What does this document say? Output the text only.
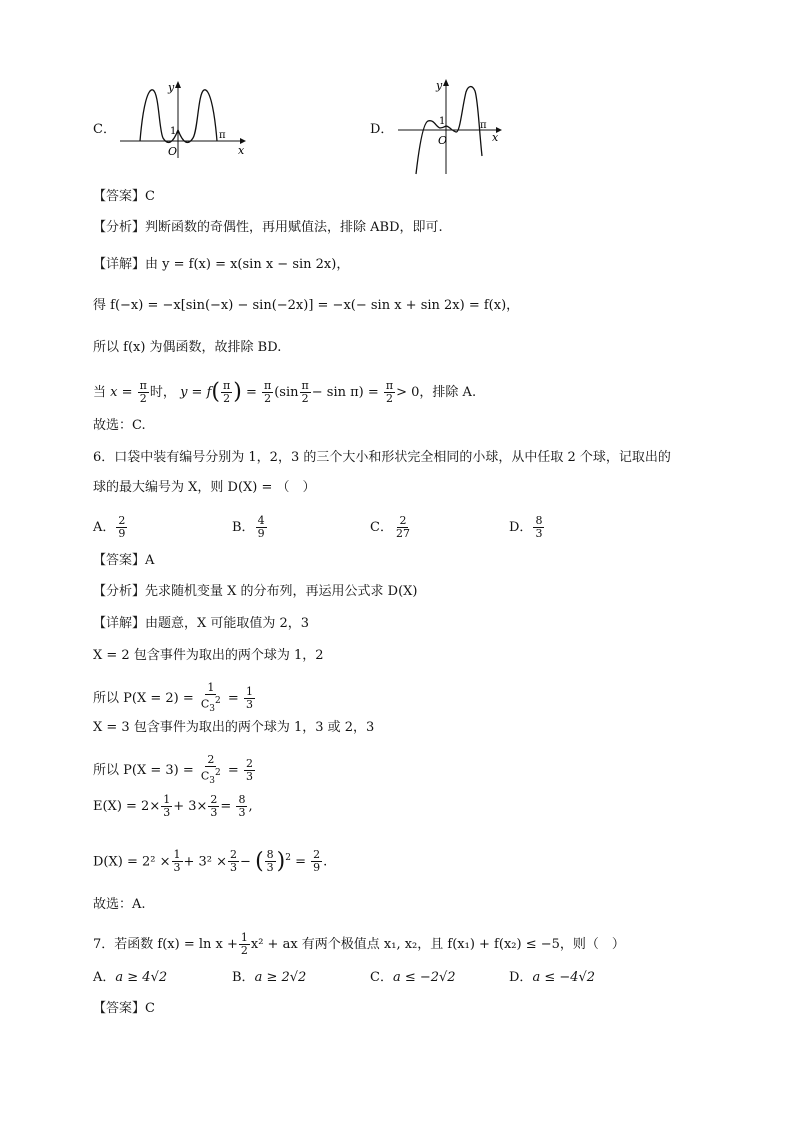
C．
y
x
O
1	π	D．
y
x
O
1	π
【答案】C
【分析】判断函数的奇偶性，再用赋值法，排除 ABD，即可.
【详解】由 y = f(x) = x(sin x − sin 2x)，
得 f(−x) = −x[sin(−x) − sin(−2x)] = −x(− sin x + sin 2x) = f(x)，
所以 f(x) 为偶函数，故排除 BD.
当 $x = \frac{\pi}{2}$ 时， $y = f( \frac{\pi}{2}$ ) = $\frac{\pi}{2} (\sin \frac{\pi}{2} - \sin \pi) = \frac{\pi}{2} > 0$，排除 A.
故选：C.
6．口袋中装有编号分别为 1，2，3 的三个大小和形状完全相同的小球，从中任取 2 个球，记取出的
球的最大编号为 X，则 D(X) = （　）
A． $\frac{2}{9}$	B． $\frac{4}{9}$	C． $\frac{2}{27}$	D． $\frac{8}{3}$
【答案】A
【分析】先求随机变量 X 的分布列，再运用公式求 D(X)
【详解】由题意，X 可能取值为 2，3
X = 2 包含事件为取出的两个球为 1，2
所以 $P(X = 2) = \frac{1}{C_3^2} = \frac{1}{3}$
X = 3 包含事件为取出的两个球为 1，3 或 2，3
所以 $P(X = 3) = \frac{2}{C_3^2} = \frac{2}{3}$
$E(X) = 2\times \frac{1}{3} + 3\times \frac{2}{3} = \frac{8}{3}$ ,
$D(X) = 2^2 \times \frac{1}{3} + 3^2 \times \frac{2}{3}$ − ( $\frac{8}{3} )^2 = \frac{2}{9}$ .
故选：A.
7．若函数 $f(x) = \ln x + \frac{1}{2} x^2$ + ax 有两个极值点 x₁, x₂，且 f(x₁) + f(x₂) ≤ −5，则（　）
A．a ≥ 4√2	B．a ≥ 2√2	C．a ≤ −2√2	D．a ≤ −4√2
【答案】C
